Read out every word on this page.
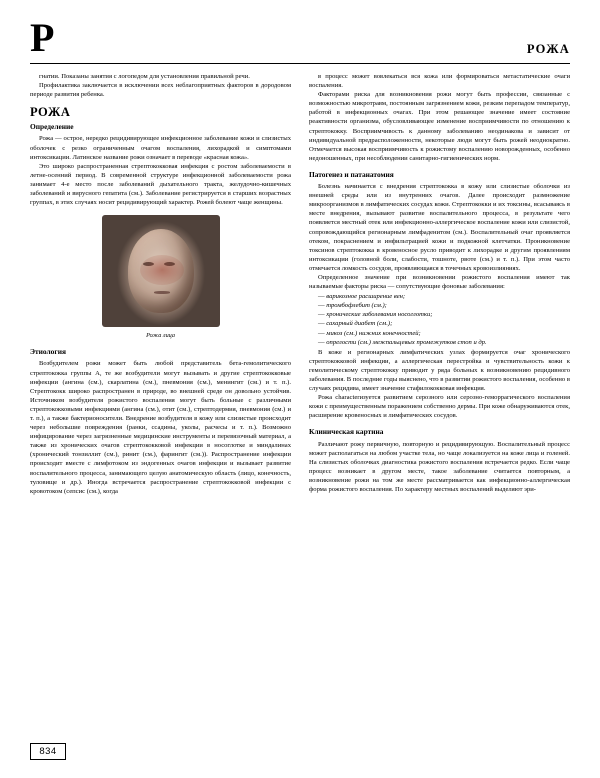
Р	РОЖА

гнатии. Показаны занятия с логопедом для установления правильной речи.

Профилактика заключается в исключении всех неблагоприятных факторов в дородовом периоде развития ребенка.

РОЖА
Определение

Рожа — острое, нередко рецидивирующее инфекционное заболевание кожи и слизистых оболочек с резко ограниченным очагом воспаления, лихорадкой и симптомами интоксикации. Латинское название рожи означает в переводе «красная кожа».

Это широко распространенная стрептококковая инфекция с ростом заболеваемости в летне-осенний период. В современной структуре инфекционной заболеваемости рожа занимает 4-е место после заболеваний дыхательного тракта, желудочно-кишечных заболеваний и вирусного гепатита (см.). Заболевание регистрируется в старших возрастных группах, в этих случаях носит рецидивирующий характер. Рожей болеют чаще женщины.

Рожа лица
Этиология

Возбудителем рожи может быть любой представитель бета-гемолитического стрептококка группы А, те же возбудители могут вызывать и другие стрептококковые инфекции (ангина (см.), скарлатина (см.), пневмония (см.), менингит (см.) и т. п.). Стрептококк широко распространен в природе, во внешней среде он довольно устойчив. Источником возбудителя рожистого воспаления могут быть больные с различными стрептококковыми инфекциями (ангина (см.), отит (см.), стрептодермия, пневмония (см.) и т. п.), а также бактерионосители. Внедрение возбудителя в кожу или слизистые происходит через небольшие повреждения (ранки, ссадины, уколы, расчесы и т. п.). Возможно инфицирование через загрязненные медицинские инструменты и перевязочный материал, а также из хронических очагов стрептококковой инфекции в носоглотке и миндалинах (хронический тонзиллит (см.), ринит (см.), фарингит (см.)). Распространение инфекции происходит вместе с лимфотоком из эндогенных очагов инфекции и вызывает развитие воспалительного процесса, занимающего целую анатомическую область (лицо, конечность, туловище и др.). Иногда встречается распространение стрептококковой инфекции с кровотоком (сепсис (см.), когда

в процесс может вовлекаться вся кожа или формироваться метастатические очаги воспаления.

Факторами риска для возникновения рожи могут быть профессии, связанные с возможностью микротравм, постоянным загрязнением кожи, резким перепадом температур, работой в инфекционных очагах. При этом решающее значение имеет состояние реактивности организма, обусловливающее изменение восприимчивости по отношению к стрептококку. Восприимчивость к данному заболеванию неодинакова и зависит от индивидуальной предрасположенности, некоторые люди могут быть рожей неоднократно. Отмечается высокая восприимчивость к рожистому воспалению новорожденных, особенно недоношенных, при несоблюдении санитарно-гигиенических норм.

Патогенез и патанатомия

Болезнь начинается с внедрения стрептококка в кожу или слизистые оболочки из внешней среды или из внутренних очагов. Далее происходит размножение микроорганизмов в лимфатических сосудах кожи. Стрептококки и их токсины, всасываясь в месте внедрения, вызывают развитие воспалительного процесса, в результате чего появляется местный отек или инфекционно-аллергическое воспаление кожи или слизистой, сопровождающийся регионарным лимфаденитом (см.). Воспалительный очаг проявляется отеком, покраснением и инфильтрацией кожи и подкожной клетчатки. Проникновение токсинов стрептококка в кровеносное русло приводит к лихорадке и другим проявлениям интоксикации (головной боли, слабости, тошноте, рвоте (см.) и т. п.). При этом часто отмечается ломкость сосудов, проявляющаяся в точечных кровоизлияниях.

Определенное значение при возникновении рожистого воспаления имеют так называемые факторы риска — сопутствующие фоновые заболевания:

— варикозное расширение вен;

— тромбофлебит (см.);

— хронические заболевания носоглотки;

— сахарный диабет (см.);

— микоз (см.) нижних конечностей;

— опрелости (см.) межпальцевых промежутков стоп и др.

В коже и регионарных лимфатических узлах формируется очаг хронического стрептококковой инфекции, а аллергическая перестройка и чувствительность кожи к гемолитическому стрептококку приводит у ряда больных к возникновению рецидивного заболевания. В последние годы выяснено, что в развитии рожистого воспаления, особенно в случаях рецидива, имеет значение стафилококковая инфекция.

Рожа characterизуется развитием серозного или серозно-геморрагического воспаления кожи с преимущественным поражением собственно дермы. При коже обнаруживаются отек, расширение кровеносных и лимфатических сосудов.

Клиническая картина

Различают рожу первичную, повторную и рецидивирующую. Воспалительный процесс может располагаться на любом участке тела, но чаще локализуется на коже лица и голеней. На слизистых оболочках диагностика рожистого воспаления встречается редко. Если чаще процесс возникает в другом месте, такое заболевание считается повторным, а возникновение рожи на том же месте рассматривается как инфекционно-аллергическая форма рожистого воспаления. По характеру местных воспалений выделяют эри-

834
